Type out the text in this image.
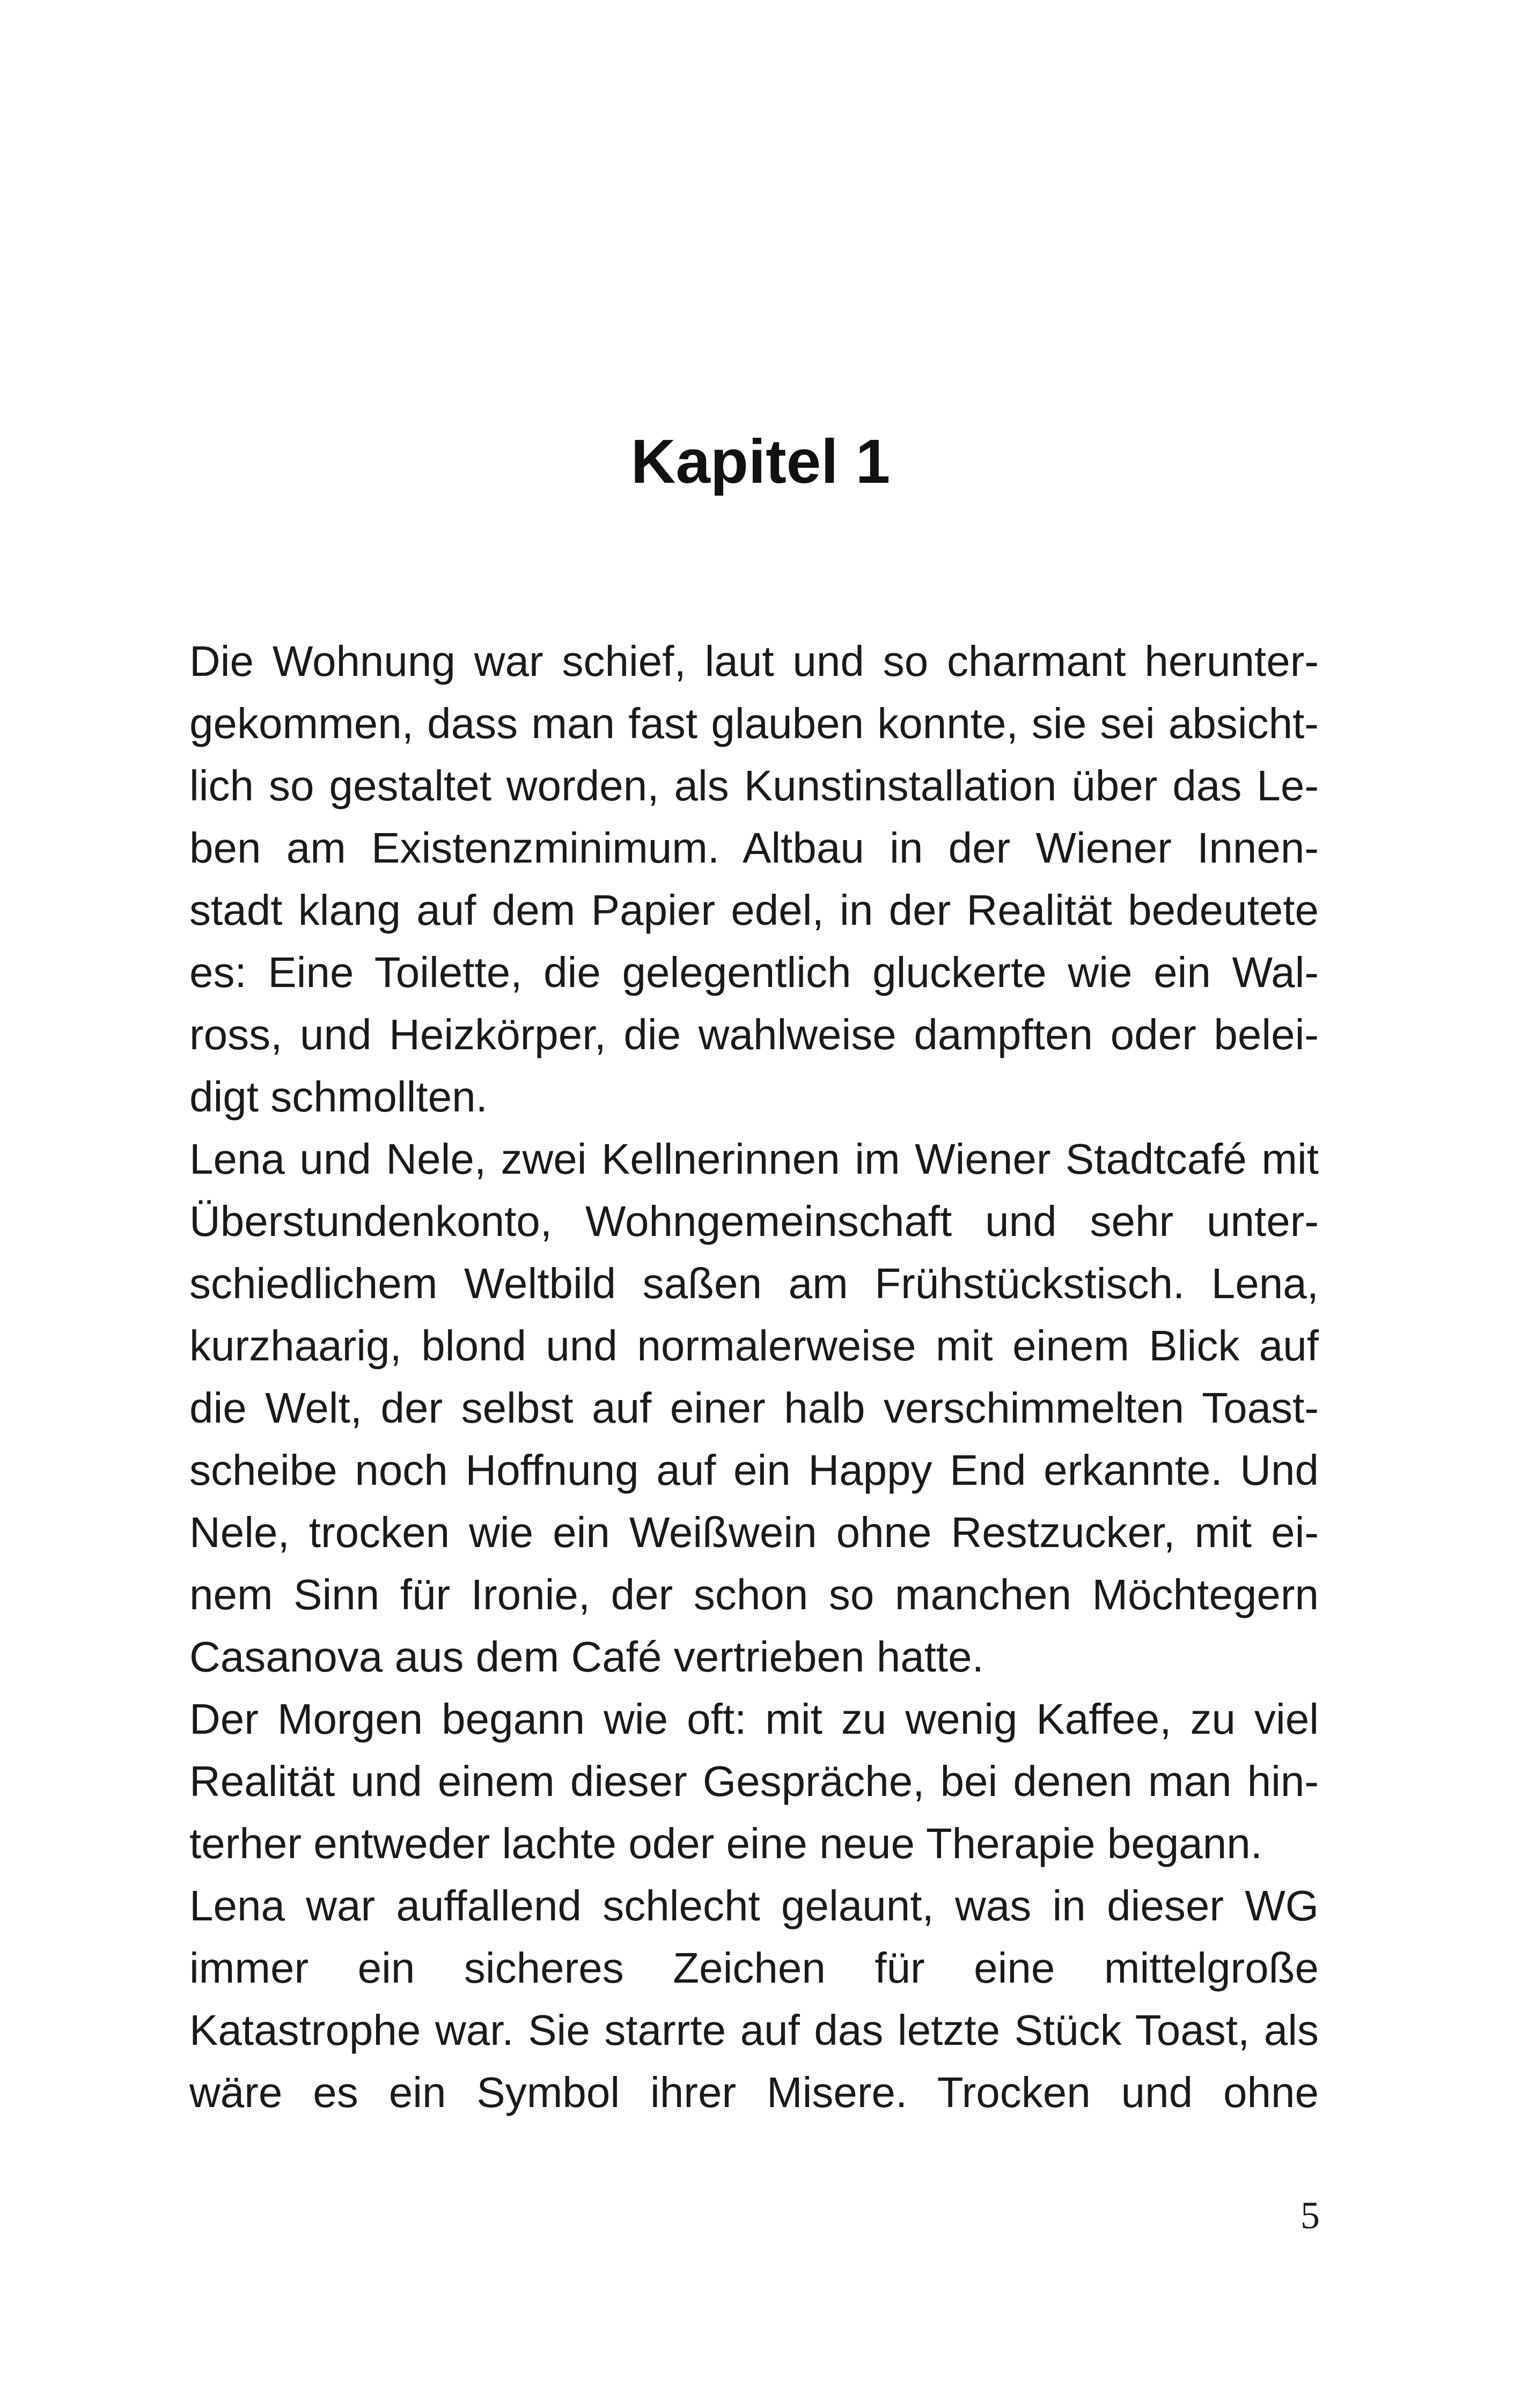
Kapitel 1
Die Wohnung war schief, laut und so charmant herunter-
gekommen, dass man fast glauben konnte, sie sei absicht-
lich so gestaltet worden, als Kunstinstallation über das Le-
ben am Existenzminimum. Altbau in der Wiener Innen-
stadt klang auf dem Papier edel, in der Realität bedeutete
es: Eine Toilette, die gelegentlich gluckerte wie ein Wal-
ross, und Heizkörper, die wahlweise dampften oder belei-
digt schmollten.
Lena und Nele, zwei Kellnerinnen im Wiener Stadtcafé mit
Überstundenkonto, Wohngemeinschaft und sehr unter-
schiedlichem Weltbild saßen am Frühstückstisch. Lena,
kurzhaarig, blond und normalerweise mit einem Blick auf
die Welt, der selbst auf einer halb verschimmelten Toast-
scheibe noch Hoffnung auf ein Happy End erkannte. Und
Nele, trocken wie ein Weißwein ohne Restzucker, mit ei-
nem Sinn für Ironie, der schon so manchen Möchtegern
Casanova aus dem Café vertrieben hatte.
Der Morgen begann wie oft: mit zu wenig Kaffee, zu viel
Realität und einem dieser Gespräche, bei denen man hin-
terher entweder lachte oder eine neue Therapie begann.
Lena war auffallend schlecht gelaunt, was in dieser WG
immer ein sicheres Zeichen für eine mittelgroße
Katastrophe war. Sie starrte auf das letzte Stück Toast, als
wäre es ein Symbol ihrer Misere. Trocken und ohne
5
